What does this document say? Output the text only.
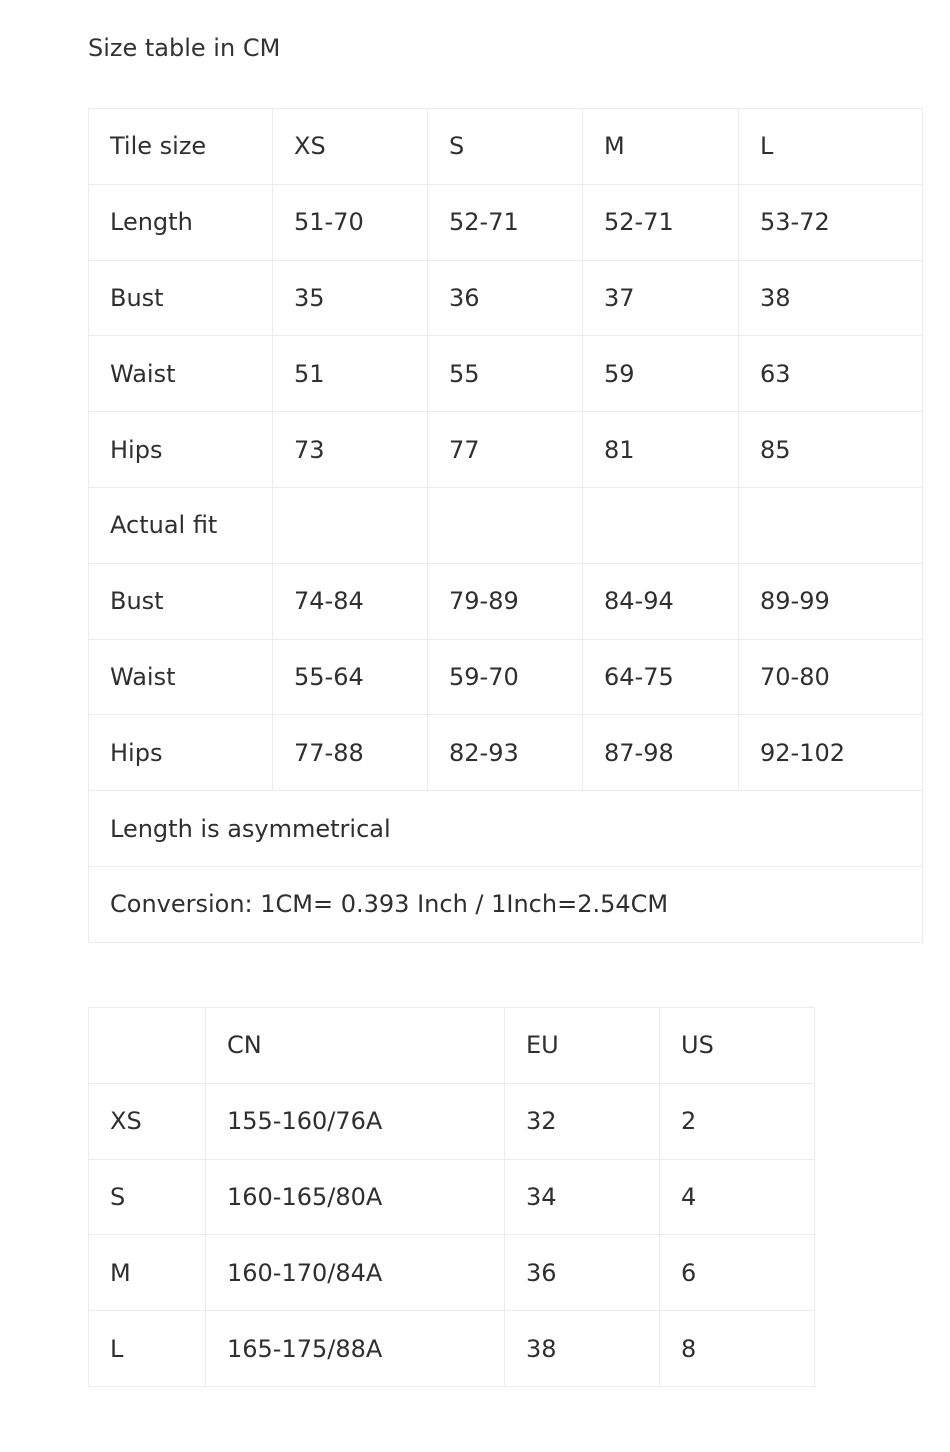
Size table in CM
Tile size	XS	S	M	L
Length	51-70	52-71	52-71	53-72
Bust	35	36	37	38
Waist	51	55	59	63
Hips	73	77	81	85
Actual fit				
Bust	74-84	79-89	84-94	89-99
Waist	55-64	59-70	64-75	70-80
Hips	77-88	82-93	87-98	92-102
Length is asymmetrical				
Conversion: 1CM= 0.393 Inch / 1Inch=2.54CM				
	CN	EU	US
XS	155-160/76A	32	2
S	160-165/80A	34	4
M	160-170/84A	36	6
L	165-175/88A	38	8
